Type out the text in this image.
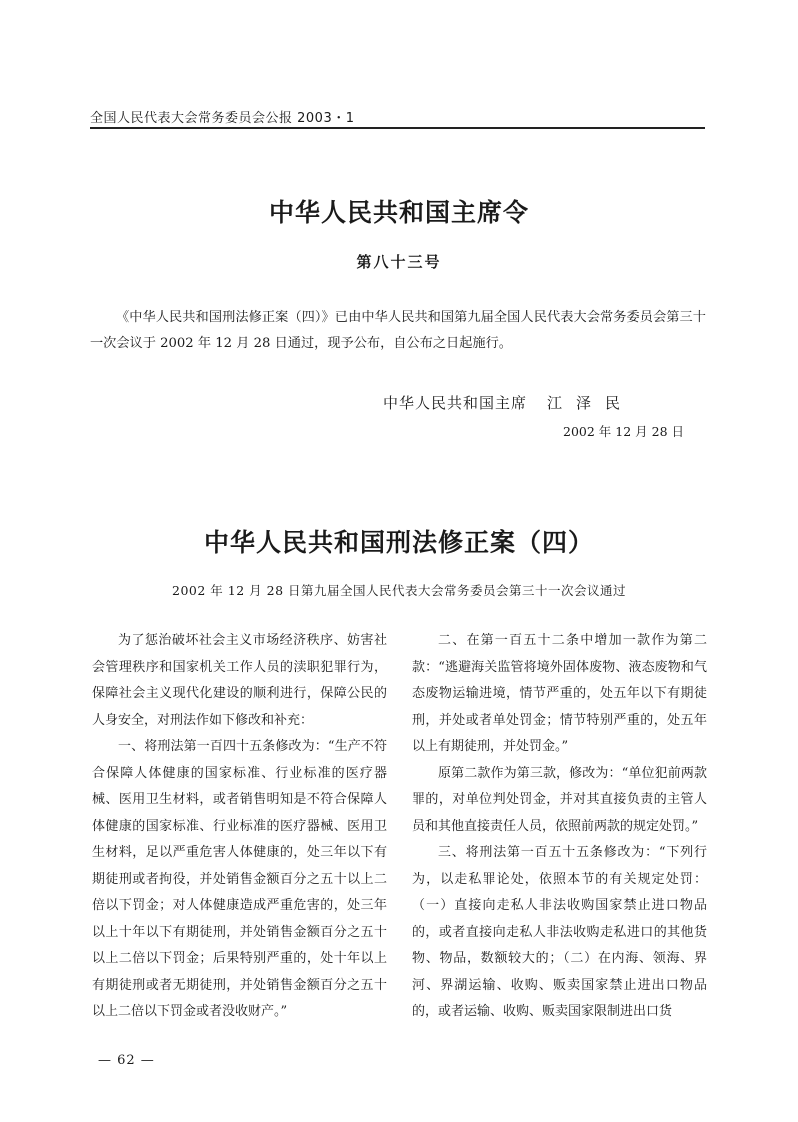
全国人民代表大会常务委员会公报 2003・1
中华人民共和国主席令
第八十三号

《中华人民共和国刑法修正案（四）》已由中华人民共和国第九届全国人民代表大会常务委员会第三十一次会议于 2002 年 12 月 28 日通过，现予公布，自公布之日起施行。

中华人民共和国主席 江泽民
2002 年 12 月 28 日
中华人民共和国刑法修正案（四）
2002 年 12 月 28 日第九届全国人民代表大会常务委员会第三十一次会议通过

为了惩治破坏社会主义市场经济秩序、妨害社会管理秩序和国家机关工作人员的渎职犯罪行为，保障社会主义现代化建设的顺利进行，保障公民的人身安全，对刑法作如下修改和补充：

一、将刑法第一百四十五条修改为：“生产不符合保障人体健康的国家标准、行业标准的医疗器械、医用卫生材料，或者销售明知是不符合保障人体健康的国家标准、行业标准的医疗器械、医用卫生材料，足以严重危害人体健康的，处三年以下有期徒刑或者拘役，并处销售金额百分之五十以上二倍以下罚金；对人体健康造成严重危害的，处三年以上十年以下有期徒刑，并处销售金额百分之五十以上二倍以下罚金；后果特别严重的，处十年以上有期徒刑或者无期徒刑，并处销售金额百分之五十以上二倍以下罚金或者没收财产。”

二、在第一百五十二条中增加一款作为第二款：“逃避海关监管将境外固体废物、液态废物和气态废物运输进境，情节严重的，处五年以下有期徒刑，并处或者单处罚金；情节特别严重的，处五年以上有期徒刑，并处罚金。”

原第二款作为第三款，修改为：“单位犯前两款罪的，对单位判处罚金，并对其直接负责的主管人员和其他直接责任人员，依照前两款的规定处罚。”

三、将刑法第一百五十五条修改为：“下列行为，以走私罪论处，依照本节的有关规定处罚：（一）直接向走私人非法收购国家禁止进口物品的，或者直接向走私人非法收购走私进口的其他货物、物品，数额较大的；（二）在内海、领海、界河、界湖运输、收购、贩卖国家禁止进出口物品的，或者运输、收购、贩卖国家限制进出口货

— 62 —
